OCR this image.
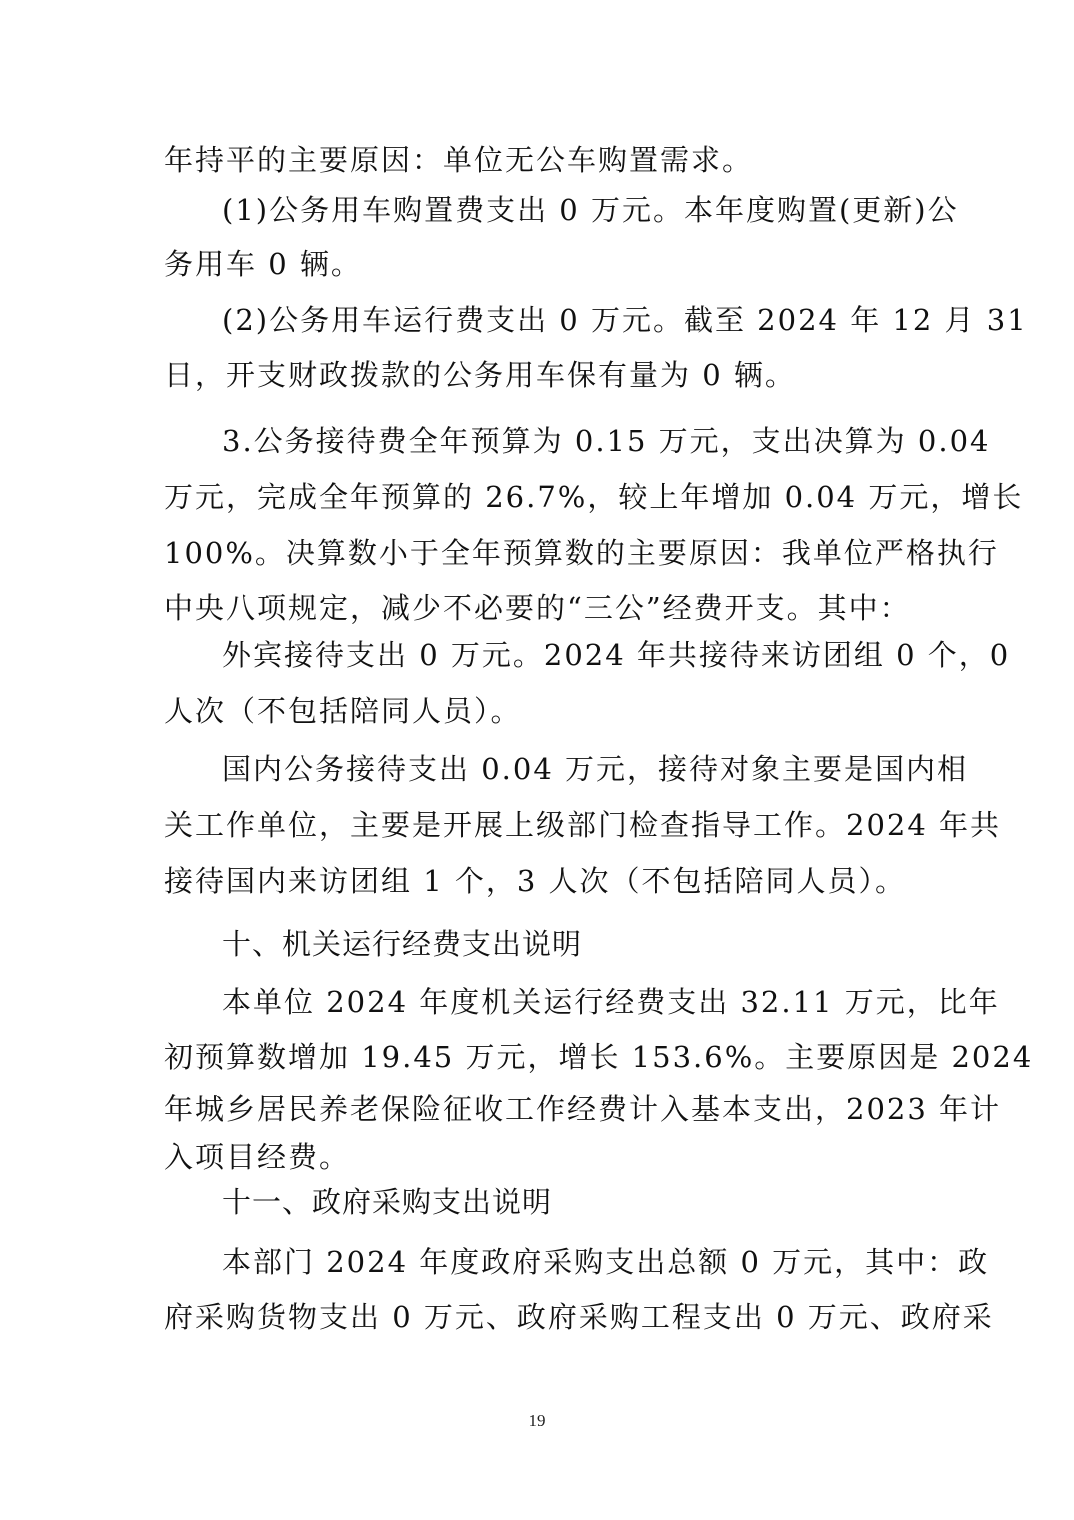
年持平的主要原因：单位无公车购置需求。
(1)公务用车购置费支出 0 万元。本年度购置(更新)公
务用车 0 辆。
(2)公务用车运行费支出 0 万元。截至 2024 年 12 月 31
日，开支财政拨款的公务用车保有量为 0 辆。
3.公务接待费全年预算为 0.15 万元，支出决算为 0.04
万元，完成全年预算的 26.7%，较上年增加 0.04 万元，增长
100%。决算数小于全年预算数的主要原因：我单位严格执行
中央八项规定，减少不必要的“三公”经费开支。其中：
外宾接待支出 0 万元。2024 年共接待来访团组 0 个，0
人次（不包括陪同人员）。
国内公务接待支出 0.04 万元，接待对象主要是国内相
关工作单位，主要是开展上级部门检查指导工作。2024 年共
接待国内来访团组 1 个，3 人次（不包括陪同人员）。
十、机关运行经费支出说明
本单位 2024 年度机关运行经费支出 32.11 万元，比年
初预算数增加 19.45 万元，增长 153.6%。主要原因是 2024
年城乡居民养老保险征收工作经费计入基本支出，2023 年计
入项目经费。
十一、政府采购支出说明
本部门 2024 年度政府采购支出总额 0 万元，其中：政
府采购货物支出 0 万元、政府采购工程支出 0 万元、政府采
19
